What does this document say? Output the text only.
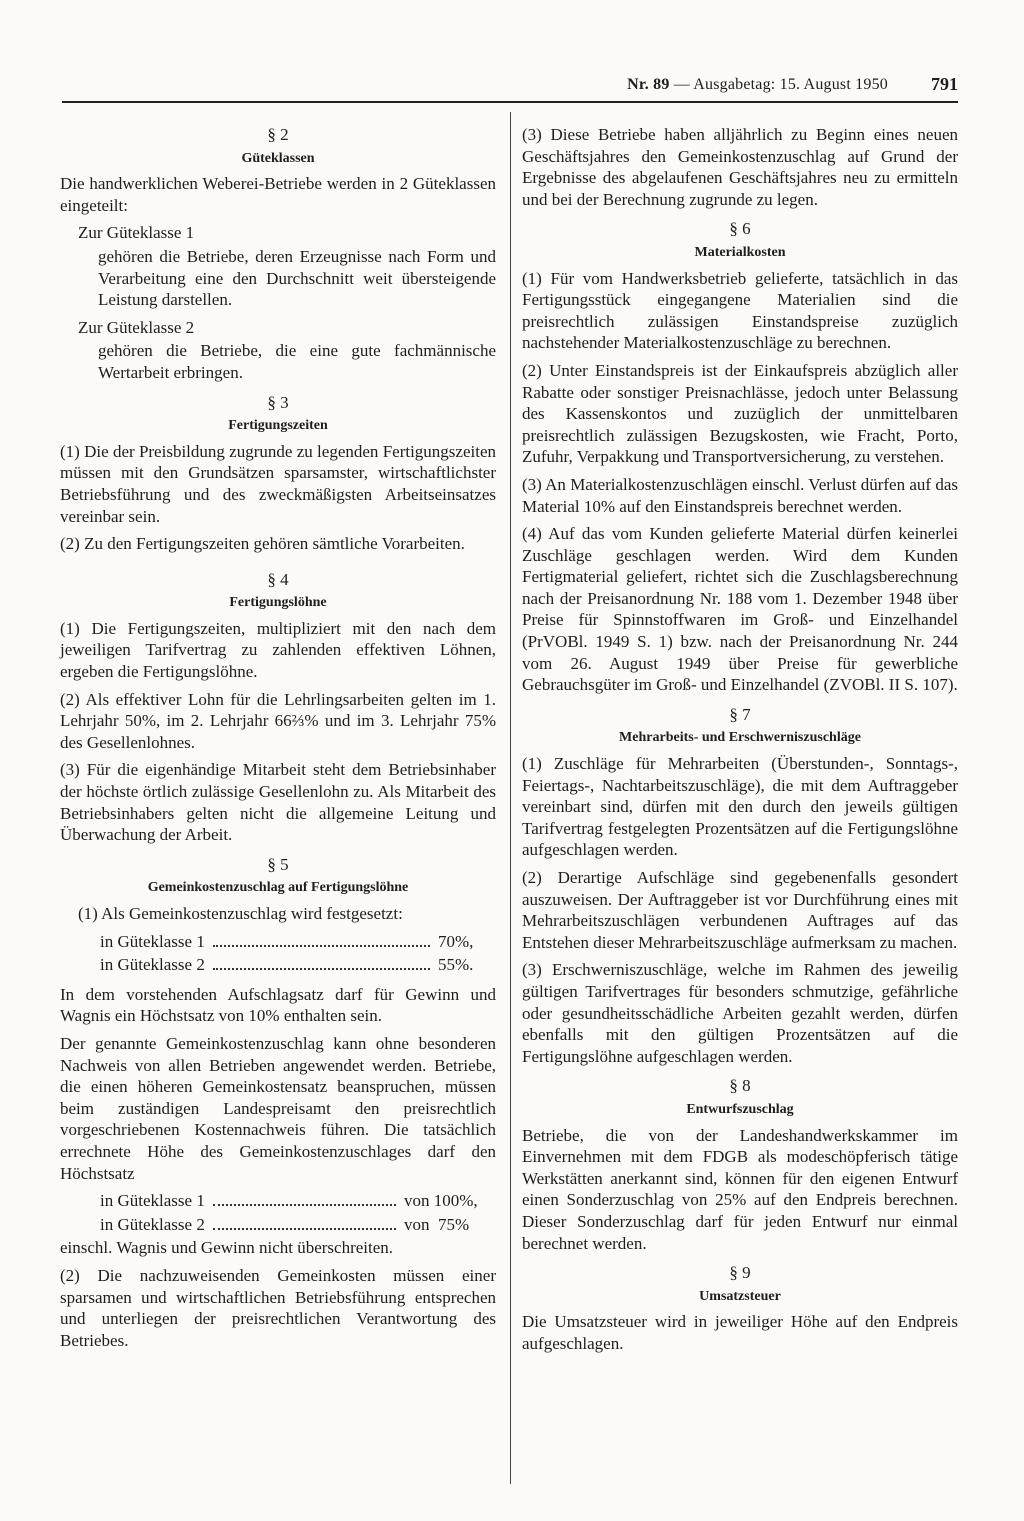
Nr. 89 — Ausgabetag: 15. August 1950 791
§ 2
Güteklassen

Die handwerklichen Weberei-Betriebe werden in 2 Güteklassen eingeteilt:

Zur Güteklasse 1

gehören die Betriebe, deren Erzeugnisse nach Form und Verarbeitung eine den Durchschnitt weit übersteigende Leistung darstellen.

Zur Güteklasse 2

gehören die Betriebe, die eine gute fachmännische Wertarbeit erbringen.

§ 3
Fertigungszeiten

(1) Die der Preisbildung zugrunde zu legenden Fertigungszeiten müssen mit den Grundsätzen sparsamster, wirtschaftlichster Betriebsführung und des zweckmäßigsten Arbeitseinsatzes vereinbar sein.

(2) Zu den Fertigungszeiten gehören sämtliche Vorarbeiten.

§ 4
Fertigungslöhne

(1) Die Fertigungszeiten, multipliziert mit den nach dem jeweiligen Tarifvertrag zu zahlenden effektiven Löhnen, ergeben die Fertigungslöhne.

(2) Als effektiver Lohn für die Lehrlingsarbeiten gelten im 1. Lehrjahr 50%, im 2. Lehrjahr 66⅔% und im 3. Lehrjahr 75% des Gesellenlohnes.

(3) Für die eigenhändige Mitarbeit steht dem Betriebsinhaber der höchste örtlich zulässige Gesellenlohn zu. Als Mitarbeit des Betriebsinhabers gelten nicht die allgemeine Leitung und Überwachung der Arbeit.

§ 5
Gemeinkostenzuschlag auf Fertigungslöhne

(1) Als Gemeinkostenzuschlag wird festgesetzt:

in Güteklasse 1	70%,
in Güteklasse 2	55%.

In dem vorstehenden Aufschlagsatz darf für Gewinn und Wagnis ein Höchstsatz von 10% enthalten sein.

Der genannte Gemeinkostenzuschlag kann ohne besonderen Nachweis von allen Betrieben angewendet werden. Betriebe, die einen höheren Gemeinkostensatz beanspruchen, müssen beim zuständigen Landespreisamt den preisrechtlich vorgeschriebenen Kostennachweis führen. Die tatsächlich errechnete Höhe des Gemeinkostenzuschlages darf den Höchstsatz

in Güteklasse 1	von 100%,
in Güteklasse 2	von  75%

einschl. Wagnis und Gewinn nicht überschreiten.

(2) Die nachzuweisenden Gemeinkosten müssen einer sparsamen und wirtschaftlichen Betriebsführung entsprechen und unterliegen der preisrechtlichen Verantwortung des Betriebes.

(3) Diese Betriebe haben alljährlich zu Beginn eines neuen Geschäftsjahres den Gemeinkostenzuschlag auf Grund der Ergebnisse des abgelaufenen Geschäftsjahres neu zu ermitteln und bei der Berechnung zugrunde zu legen.

§ 6
Materialkosten

(1) Für vom Handwerksbetrieb gelieferte, tatsächlich in das Fertigungsstück eingegangene Materialien sind die preisrechtlich zulässigen Einstandspreise zuzüglich nachstehender Materialkostenzuschläge zu berechnen.

(2) Unter Einstandspreis ist der Einkaufspreis abzüglich aller Rabatte oder sonstiger Preisnachlässe, jedoch unter Belassung des Kassenskontos und zuzüglich der unmittelbaren preisrechtlich zulässigen Bezugskosten, wie Fracht, Porto, Zufuhr, Verpakkung und Transportversicherung, zu verstehen.

(3) An Materialkostenzuschlägen einschl. Verlust dürfen auf das Material 10% auf den Einstandspreis berechnet werden.

(4) Auf das vom Kunden gelieferte Material dürfen keinerlei Zuschläge geschlagen werden. Wird dem Kunden Fertigmaterial geliefert, richtet sich die Zuschlagsberechnung nach der Preisanordnung Nr. 188 vom 1. Dezember 1948 über Preise für Spinnstoffwaren im Groß- und Einzelhandel (PrVOBl. 1949 S. 1) bzw. nach der Preisanordnung Nr. 244 vom 26. August 1949 über Preise für gewerbliche Gebrauchsgüter im Groß- und Einzelhandel (ZVOBl. II S. 107).

§ 7
Mehrarbeits- und Erschwerniszuschläge

(1) Zuschläge für Mehrarbeiten (Überstunden-, Sonntags-, Feiertags-, Nachtarbeitszuschläge), die mit dem Auftraggeber vereinbart sind, dürfen mit den durch den jeweils gültigen Tarifvertrag festgelegten Prozentsätzen auf die Fertigungslöhne aufgeschlagen werden.

(2) Derartige Aufschläge sind gegebenenfalls gesondert auszuweisen. Der Auftraggeber ist vor Durchführung eines mit Mehrarbeitszuschlägen verbundenen Auftrages auf das Entstehen dieser Mehrarbeitszuschläge aufmerksam zu machen.

(3) Erschwerniszuschläge, welche im Rahmen des jeweilig gültigen Tarifvertrages für besonders schmutzige, gefährliche oder gesundheitsschädliche Arbeiten gezahlt werden, dürfen ebenfalls mit den gültigen Prozentsätzen auf die Fertigungslöhne aufgeschlagen werden.

§ 8
Entwurfszuschlag

Betriebe, die von der Landeshandwerkskammer im Einvernehmen mit dem FDGB als modeschöpferisch tätige Werkstätten anerkannt sind, können für den eigenen Entwurf einen Sonderzuschlag von 25% auf den Endpreis berechnen. Dieser Sonderzuschlag darf für jeden Entwurf nur einmal berechnet werden.

§ 9
Umsatzsteuer

Die Umsatzsteuer wird in jeweiliger Höhe auf den Endpreis aufgeschlagen.
